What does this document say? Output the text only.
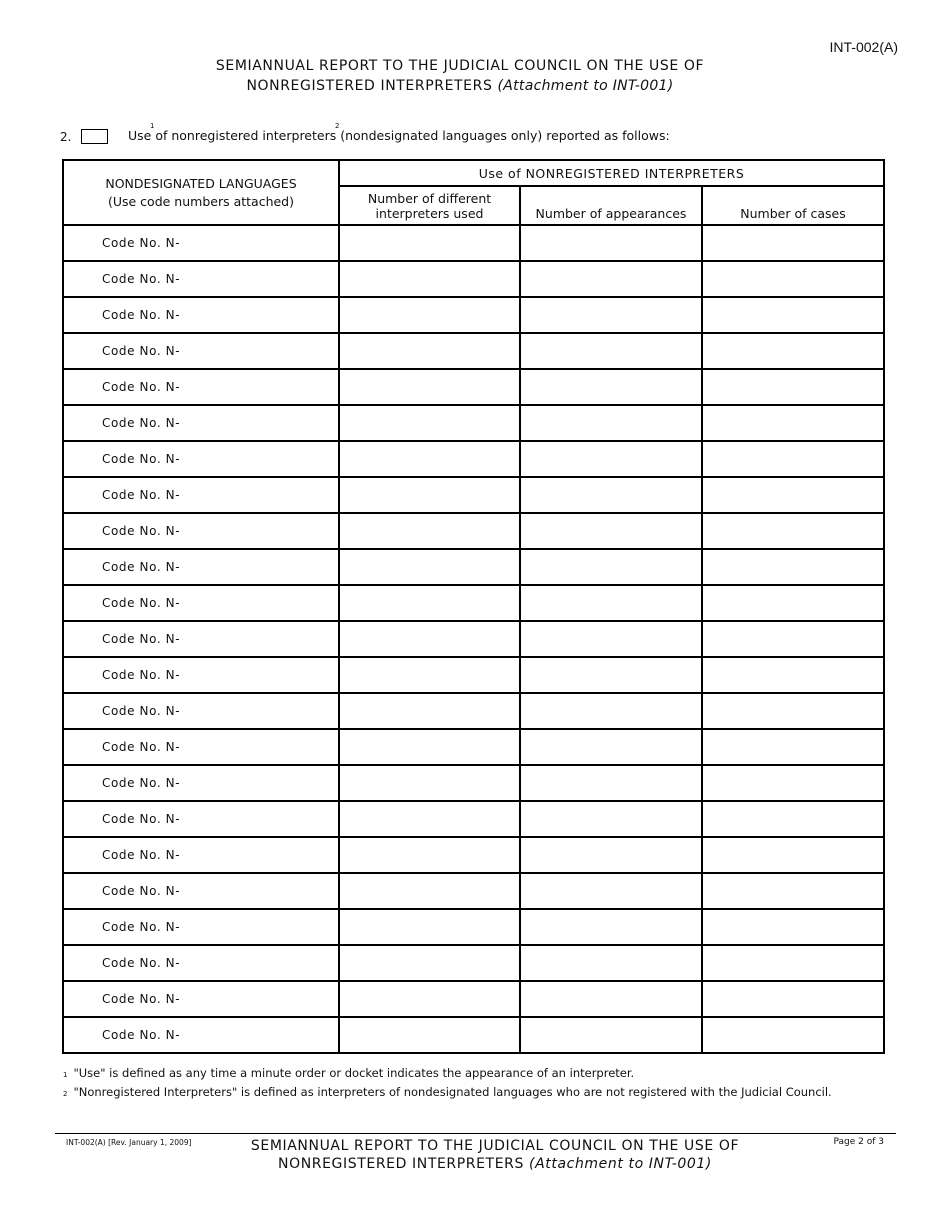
INT-002(A)
SEMIANNUAL REPORT TO THE JUDICIAL COUNCIL ON THE USE OF
NONREGISTERED INTERPRETERS (Attachment to INT-001)
2.	Use
1
of nonregistered interpreters
2
(nondesignated languages only) reported as follows:
NONDESIGNATED LANGUAGES
(Use code numbers attached)	Use of NONREGISTERED INTERPRETERS		

	Number of different
interpreters used	Number of appearances	Number of cases
Code No. N-			
Code No. N-			
Code No. N-			
Code No. N-			
Code No. N-			
Code No. N-			
Code No. N-			
Code No. N-			
Code No. N-			
Code No. N-			
Code No. N-			
Code No. N-			
Code No. N-			
Code No. N-			
Code No. N-			
Code No. N-			
Code No. N-			
Code No. N-			
Code No. N-			
Code No. N-			
Code No. N-			
Code No. N-			
Code No. N-			
1 "Use" is defined as any time a minute order or docket indicates the appearance of an interpreter.
2 "Nonregistered Interpreters" is defined as interpreters of nondesignated languages who are not registered with the Judicial Council.
INT-002(A) [Rev. January 1, 2009]	SEMIANNUAL REPORT TO THE JUDICIAL COUNCIL ON THE USE OF
NONREGISTERED INTERPRETERS (Attachment to INT-001)
Page 2 of 3
